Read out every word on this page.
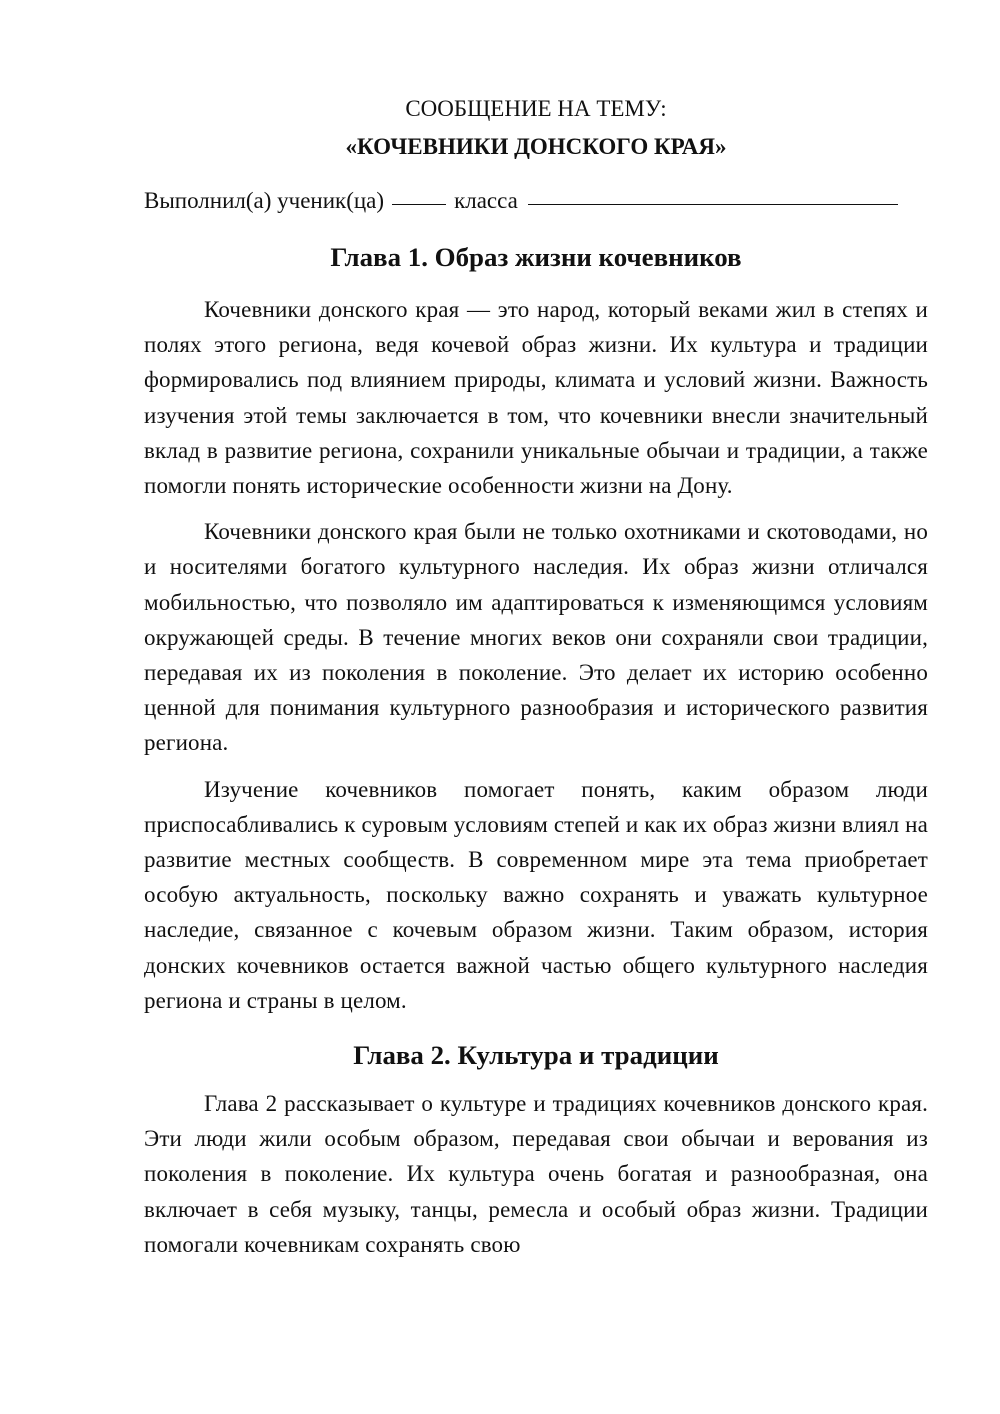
СООБЩЕНИЕ НА ТЕМУ:
«КОЧЕВНИКИ ДОНСКОГО КРАЯ»
Выполнил(а) ученик(ца)	класса
Глава 1. Образ жизни кочевников

Кочевники донского края — это народ, который веками жил в степях и полях этого региона, ведя кочевой образ жизни. Их культура и традиции формировались под влиянием природы, климата и условий жизни. Важность изучения этой темы заключается в том, что кочевники внесли значительный вклад в развитие региона, сохранили уникальные обычаи и традиции, а также помогли понять исторические особенности жизни на Дону.

Кочевники донского края были не только охотниками и скотоводами, но и носителями богатого культурного наследия. Их образ жизни отличался мобильностью, что позволяло им адаптироваться к изменяющимся условиям окружающей среды. В течение многих веков они сохраняли свои традиции, передавая их из поколения в поколение. Это делает их историю особенно ценной для понимания культурного разнообразия и исторического развития региона.

Изучение кочевников помогает понять, каким образом люди приспосабливались к суровым условиям степей и как их образ жизни влиял на развитие местных сообществ. В современном мире эта тема приобретает особую актуальность, поскольку важно сохранять и уважать культурное наследие, связанное с кочевым образом жизни. Таким образом, история донских кочевников остается важной частью общего культурного наследия региона и страны в целом.

Глава 2. Культура и традиции

Глава 2 рассказывает о культуре и традициях кочевников донского края. Эти люди жили особым образом, передавая свои обычаи и верования из поколения в поколение. Их культура очень богатая и разнообразная, она включает в себя музыку, танцы, ремесла и особый образ жизни. Традиции помогали кочевникам сохранять свою
